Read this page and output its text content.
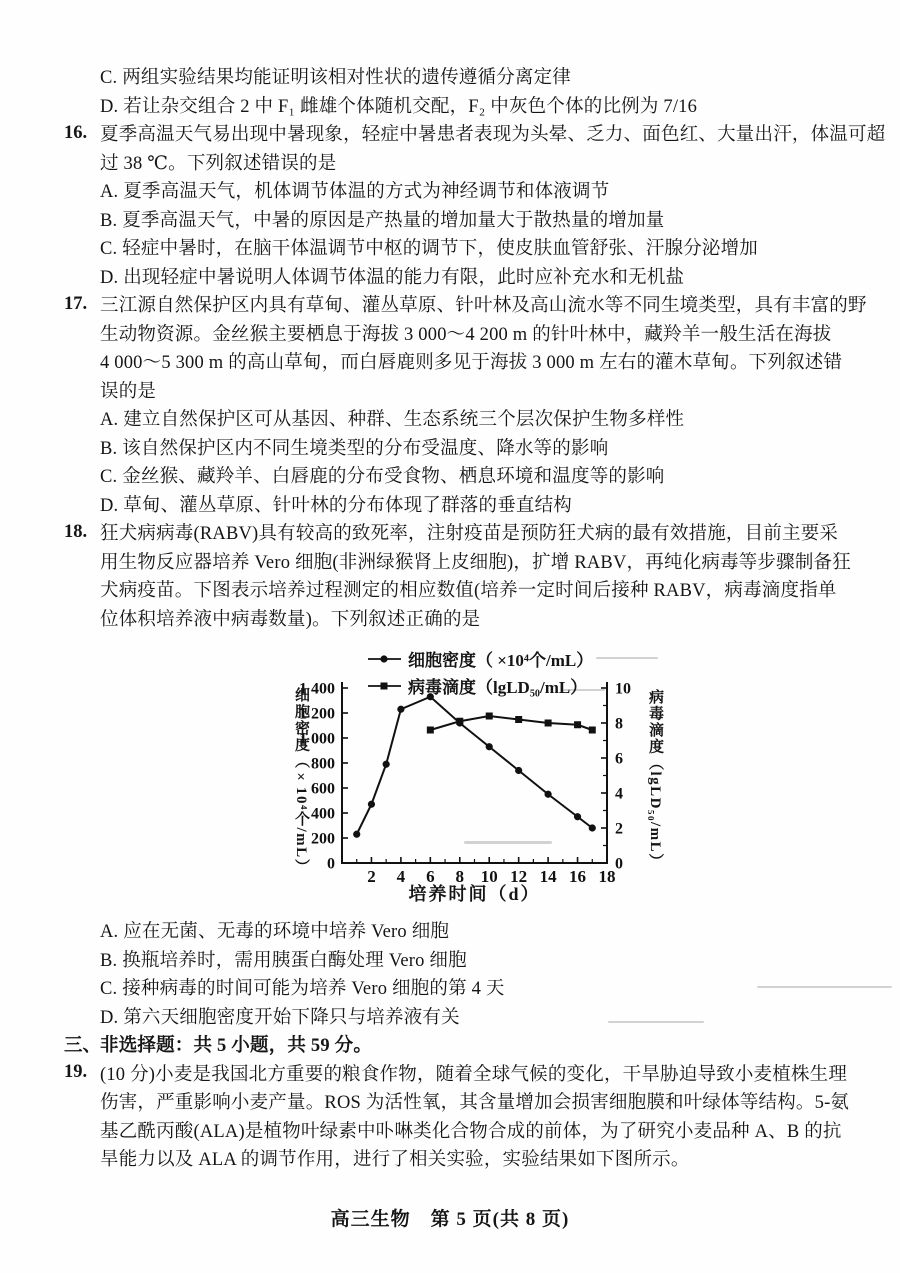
C. 两组实验结果均能证明该相对性状的遗传遵循分离定律
D. 若让杂交组合 2 中 F₁ 雌雄个体随机交配，F₂ 中灰色个体的比例为 7/16
16. 夏季高温天气易出现中暑现象，轻症中暑患者表现为头晕、乏力、面色红、大量出汗，体温可超
过 38 ℃。下列叙述错误的是
A. 夏季高温天气，机体调节体温的方式为神经调节和体液调节
B. 夏季高温天气，中暑的原因是产热量的增加量大于散热量的增加量
C. 轻症中暑时，在脑干体温调节中枢的调节下，使皮肤血管舒张、汗腺分泌增加
D. 出现轻症中暑说明人体调节体温的能力有限，此时应补充水和无机盐
17. 三江源自然保护区内具有草甸、灌丛草原、针叶林及高山流水等不同生境类型，具有丰富的野
生动物资源。金丝猴主要栖息于海拔 3 000～4 200 m 的针叶林中，藏羚羊一般生活在海拔
4 000～5 300 m 的高山草甸，而白唇鹿则多见于海拔 3 000 m 左右的灌木草甸。下列叙述错
误的是
A. 建立自然保护区可从基因、种群、生态系统三个层次保护生物多样性
B. 该自然保护区内不同生境类型的分布受温度、降水等的影响
C. 金丝猴、藏羚羊、白唇鹿的分布受食物、栖息环境和温度等的影响
D. 草甸、灌丛草原、针叶林的分布体现了群落的垂直结构
18. 狂犬病病毒(RABV)具有较高的致死率，注射疫苗是预防狂犬病的最有效措施，目前主要采
用生物反应器培养 Vero 细胞(非洲绿猴肾上皮细胞)，扩增 RABV，再纯化病毒等步骤制备狂
犬病疫苗。下图表示培养过程测定的相应数值(培养一定时间后接种 RABV，病毒滴度指单
位体积培养液中病毒数量)。下列叙述正确的是
细胞密度（ ×10⁴个/mL）
病毒滴度（lgLD₅₀/mL）
0
200
400
600
800
1 000
1 200
1 400
0
2
4
6
8
10
2 4 6 8 10 12 14 16 18
细胞密度（×10⁴个/mL）	病毒滴度（lgLD₅₀/mL）
培养时间（d）
A. 应在无菌、无毒的环境中培养 Vero 细胞
B. 换瓶培养时，需用胰蛋白酶处理 Vero 细胞
C. 接种病毒的时间可能为培养 Vero 细胞的第 4 天
D. 第六天细胞密度开始下降只与培养液有关
三、
非选择题：共 5 小题，共 59 分。
19. (10 分)小麦是我国北方重要的粮食作物，随着全球气候的变化，干旱胁迫导致小麦植株生理
伤害，严重影响小麦产量。ROS 为活性氧，其含量增加会损害细胞膜和叶绿体等结构。5-氨
基乙酰丙酸(ALA)是植物叶绿素中卟啉类化合物合成的前体，为了研究小麦品种 A、B 的抗
旱能力以及 ALA 的调节作用，进行了相关实验，实验结果如下图所示。
高三生物　第 5 页(共 8 页)
